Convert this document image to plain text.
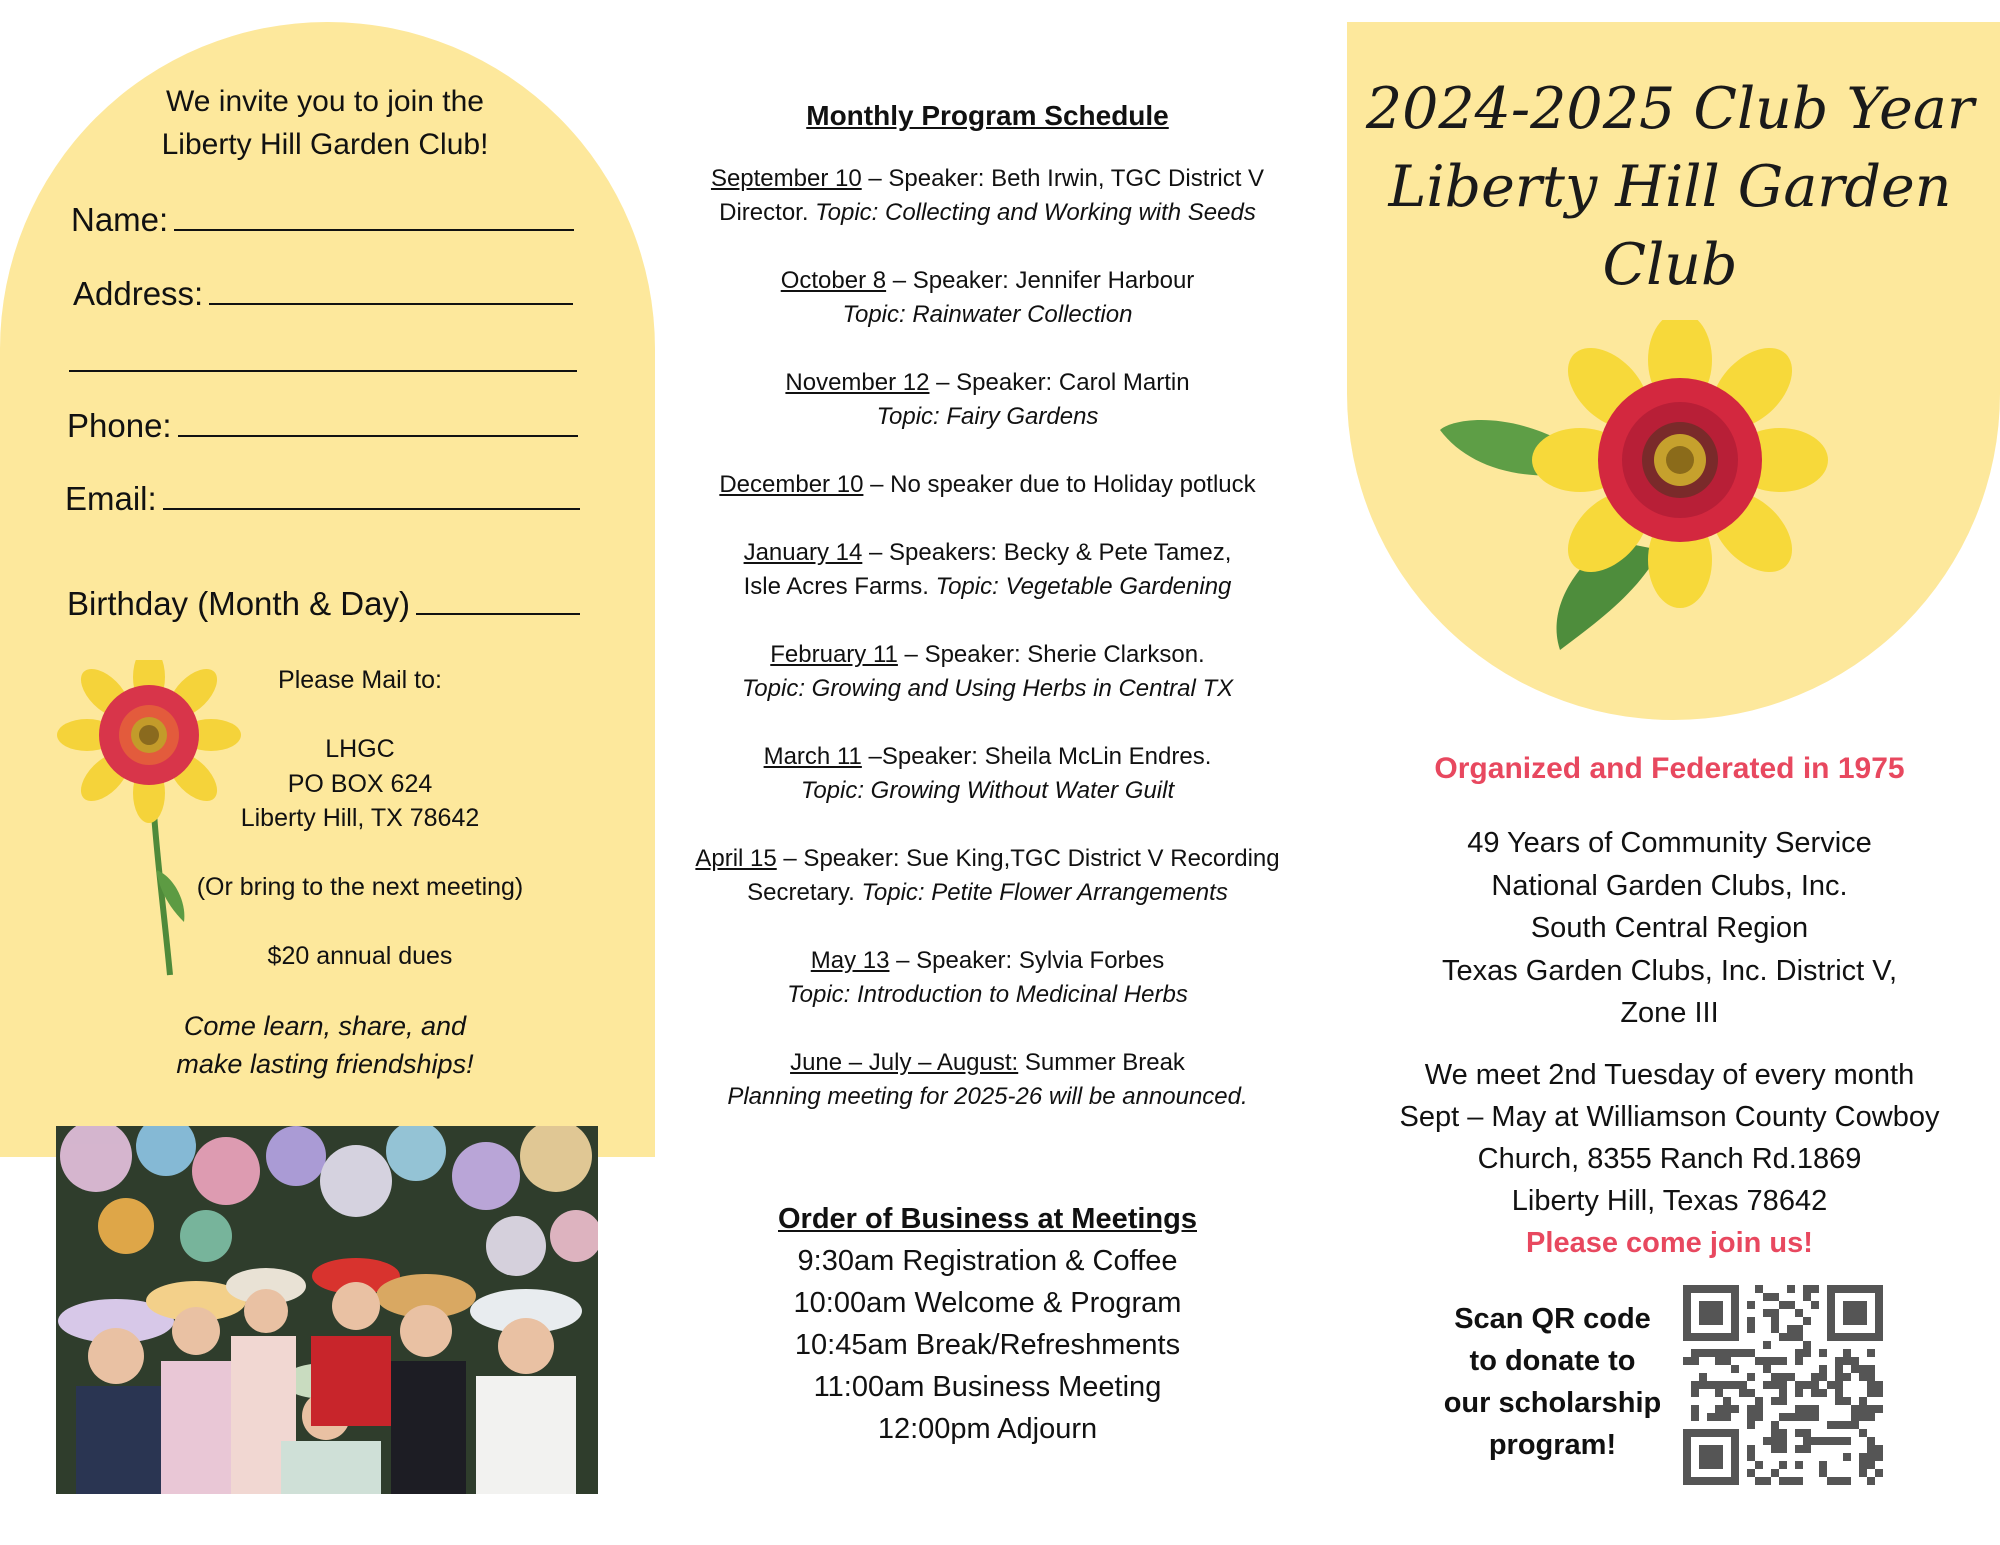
We invite you to join the
Liberty Hill Garden Club!
Name:
Address:
Phone:
Email:
Birthday (Month & Day)
Please Mail to:
LHGC
PO BOX 624
Liberty Hill, TX 78642
(Or bring to the next meeting)
$20 annual dues
Come learn, share, and
make lasting friendships!
Monthly Program Schedule
September 10 – Speaker: Beth Irwin, TGC District V
Director. Topic: Collecting and Working with Seeds
October 8 – Speaker: Jennifer Harbour
Topic: Rainwater Collection
November 12 – Speaker: Carol Martin
Topic: Fairy Gardens
December 10 – No speaker due to Holiday potluck
January 14 – Speakers: Becky & Pete Tamez,
Isle Acres Farms. Topic: Vegetable Gardening
February 11 – Speaker: Sherie Clarkson.
Topic: Growing and Using Herbs in Central TX
March 11 –Speaker: Sheila McLin Endres.
Topic: Growing Without Water Guilt
April 15 – Speaker: Sue King,TGC District V Recording
Secretary. Topic: Petite Flower Arrangements
May 13 – Speaker: Sylvia Forbes
Topic: Introduction to Medicinal Herbs
June – July – August: Summer Break
Planning meeting for 2025-26 will be announced.
Order of Business at Meetings
9:30am Registration & Coffee
10:00am Welcome & Program
10:45am Break/Refreshments
11:00am Business Meeting
12:00pm Adjourn
2024-2025 Club Year
Liberty Hill Garden
Club
Organized and Federated in 1975
49 Years of Community Service
National Garden Clubs, Inc.
South Central Region
Texas Garden Clubs, Inc. District V,
Zone III
We meet 2nd Tuesday of every month
Sept – May at Williamson County Cowboy
Church, 8355 Ranch Rd.1869
Liberty Hill, Texas 78642
Please come join us!
Scan QR code
to donate to
our scholarship
program!
